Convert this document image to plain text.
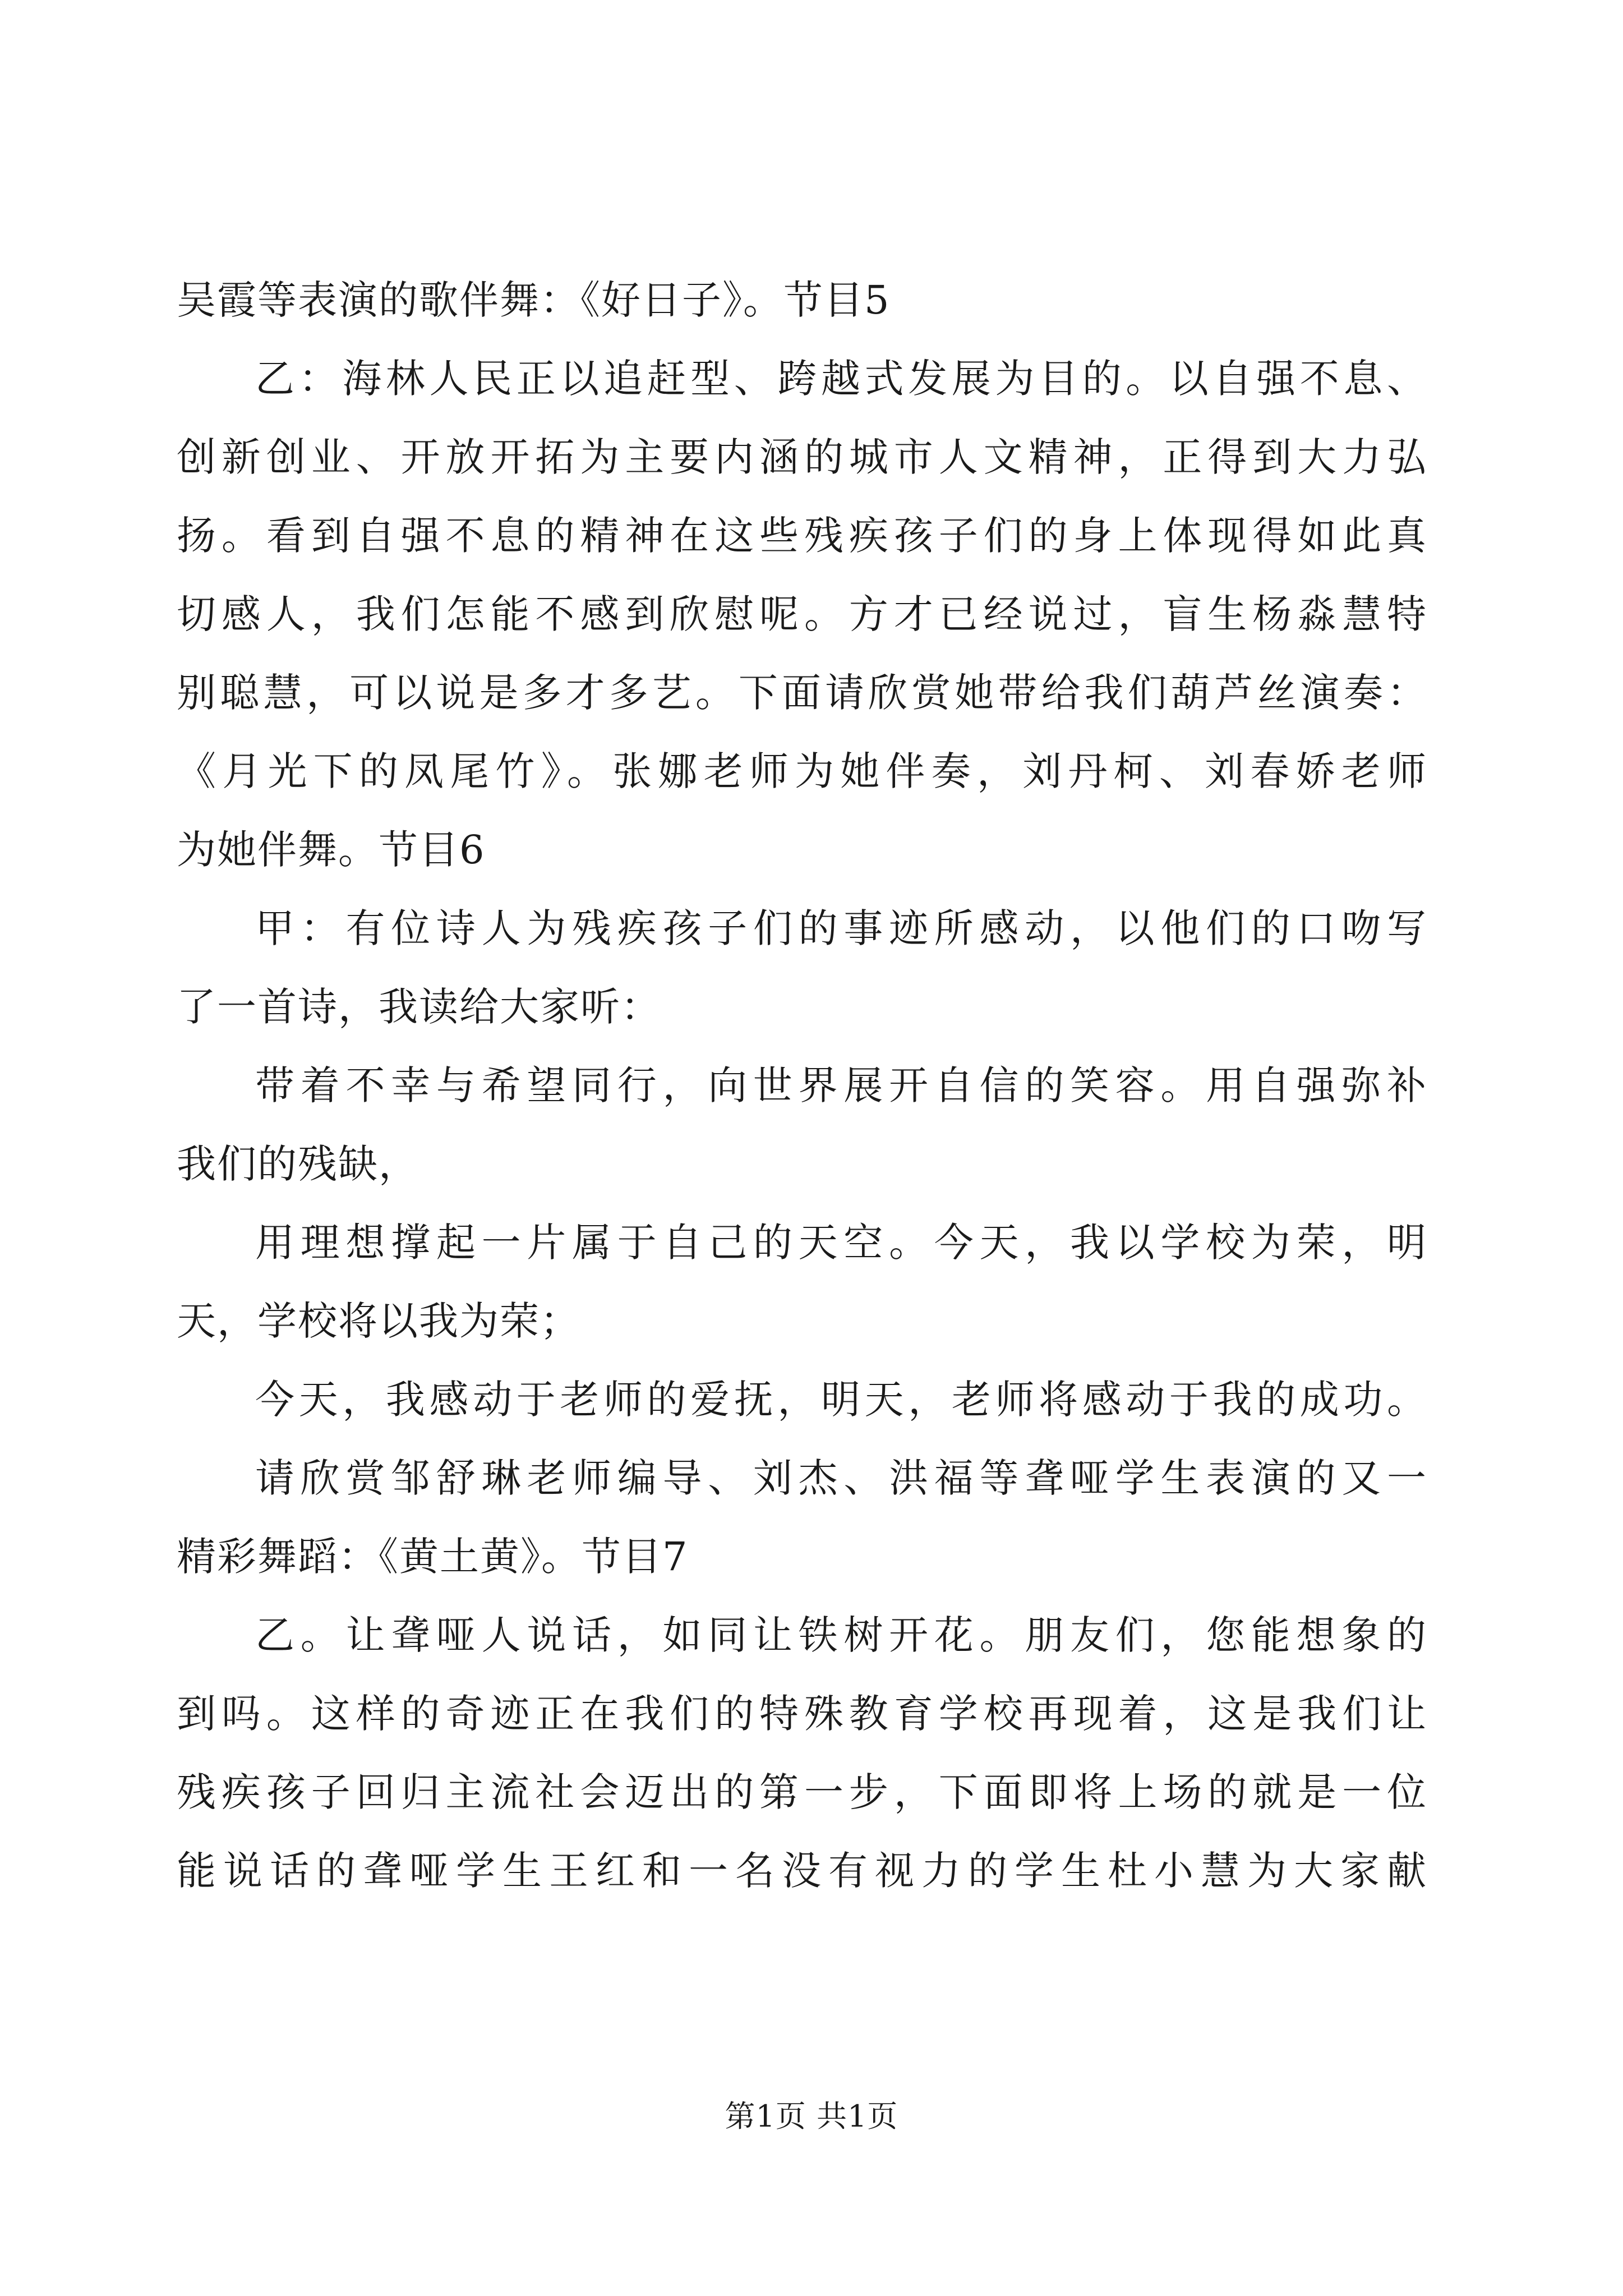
吴霞等表演的歌伴舞：《好日子》。节目5
乙：海林人民正以追赶型、跨越式发展为目的。以自强不息、
创新创业、开放开拓为主要内涵的城市人文精神，正得到大力弘
扬。看到自强不息的精神在这些残疾孩子们的身上体现得如此真
切感人，我们怎能不感到欣慰呢。方才已经说过，盲生杨淼慧特
别聪慧，可以说是多才多艺。下面请欣赏她带给我们葫芦丝演奏：
《月光下的凤尾竹》。张娜老师为她伴奏，刘丹柯、刘春娇老师
为她伴舞。节目6
甲：有位诗人为残疾孩子们的事迹所感动，以他们的口吻写
了一首诗，我读给大家听：
带着不幸与希望同行，向世界展开自信的笑容。用自强弥补
我们的残缺，
用理想撑起一片属于自己的天空。今天，我以学校为荣，明
天，学校将以我为荣；
今天，我感动于老师的爱抚，明天，老师将感动于我的成功。
请欣赏邹舒琳老师编导、刘杰、洪福等聋哑学生表演的又一
精彩舞蹈：《黄土黄》。节目7
乙。让聋哑人说话，如同让铁树开花。朋友们，您能想象的
到吗。这样的奇迹正在我们的特殊教育学校再现着，这是我们让
残疾孩子回归主流社会迈出的第一步，下面即将上场的就是一位
能说话的聋哑学生王红和一名没有视力的学生杜小慧为大家献
第1页 共1页
